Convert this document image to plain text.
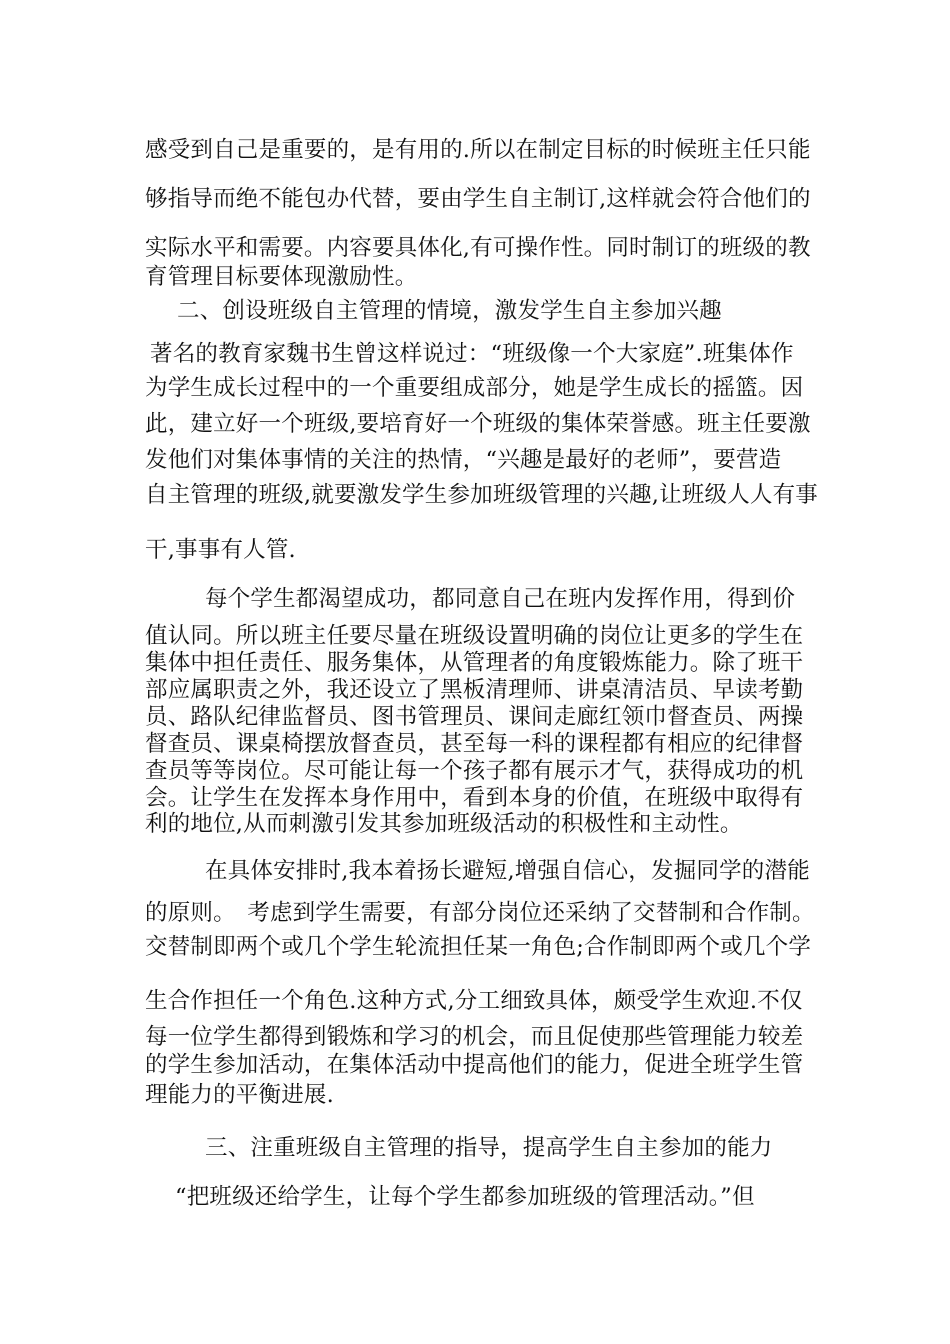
感受到自己是重要的，是有用的.所以在制定目标的时候班主任只能
够指导而绝不能包办代替，要由学生自主制订,这样就会符合他们的
实际水平和需要。内容要具体化,有可操作性。同时制订的班级的教
育管理目标要体现激励性。
二、创设班级自主管理的情境，激发学生自主参加兴趣
著名的教育家魏书生曾这样说过：“班级像一个大家庭”.班集体作
为学生成长过程中的一个重要组成部分，她是学生成长的摇篮。因
此，建立好一个班级,要培育好一个班级的集体荣誉感。班主任要激
发他们对集体事情的关注的热情，“兴趣是最好的老师”，要营造
自主管理的班级,就要激发学生参加班级管理的兴趣,让班级人人有事
干,事事有人管.
每个学生都渴望成功，都同意自己在班内发挥作用，得到价
值认同。所以班主任要尽量在班级设置明确的岗位让更多的学生在
集体中担任责任、服务集体，从管理者的角度锻炼能力。除了班干
部应属职责之外，我还设立了黑板清理师、讲桌清洁员、早读考勤
员、路队纪律监督员、图书管理员、课间走廊红领巾督查员、两操
督查员、课桌椅摆放督查员，甚至每一科的课程都有相应的纪律督
查员等等岗位。尽可能让每一个孩子都有展示才气，获得成功的机
会。让学生在发挥本身作用中，看到本身的价值，在班级中取得有
利的地位,从而刺激引发其参加班级活动的积极性和主动性。
在具体安排时,我本着扬长避短,增强自信心，发掘同学的潜能
的原则。　考虑到学生需要，有部分岗位还采纳了交替制和合作制。
交替制即两个或几个学生轮流担任某一角色;合作制即两个或几个学
生合作担任一个角色.这种方式,分工细致具体，颇受学生欢迎.不仅
每一位学生都得到锻炼和学习的机会，而且促使那些管理能力较差
的学生参加活动，在集体活动中提高他们的能力，促进全班学生管
理能力的平衡进展.
三、注重班级自主管理的指导，提高学生自主参加的能力
“把班级还给学生，让每个学生都参加班级的管理活动。”但
